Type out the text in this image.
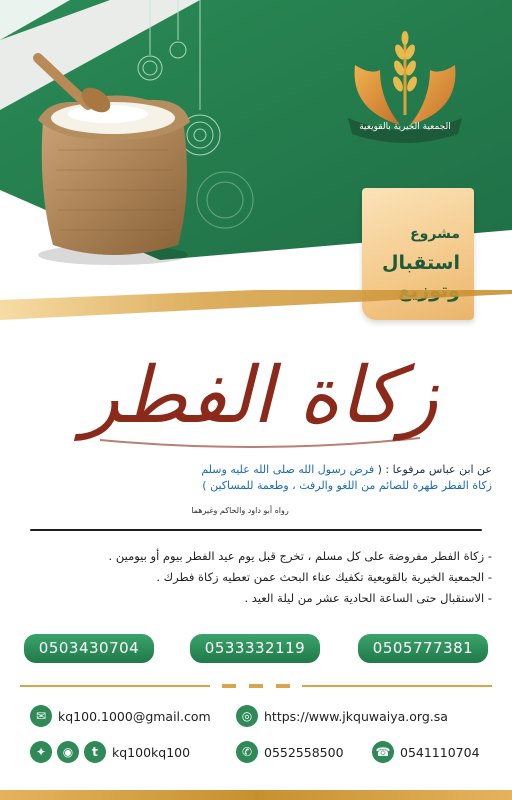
الجمعية الخيرية بالقويعية
مشروع
استقبال
زكاة الفطر
عن ابن عباس مرفوعا : ( فرض رسول الله صلى الله عليه وسلم
زكاة الفطر طهرة للصائم من اللغو والرفث ، وطعمة للمساكين )
رواه أبو داود والحاكم وغيرهما
- زكاة الفطر مفروضة على كل مسلم ، تخرج قبل يوم عيد الفطر بيوم أو بيومين .
- الجمعية الخيرية بالقويعية تكفيك عناء البحث عمن تعطيه زكاة فطرك .
- الاستقبال حتى الساعة الحادية عشر من ليلة العيد .
0503430704	0533332119	0505777381
✉ kq100.1000@gmail.com	◎ https://www.jkquwaiya.org.sa
✦	◉	t	kq100kq100	✆ 0552558500	☎ 0541110704
